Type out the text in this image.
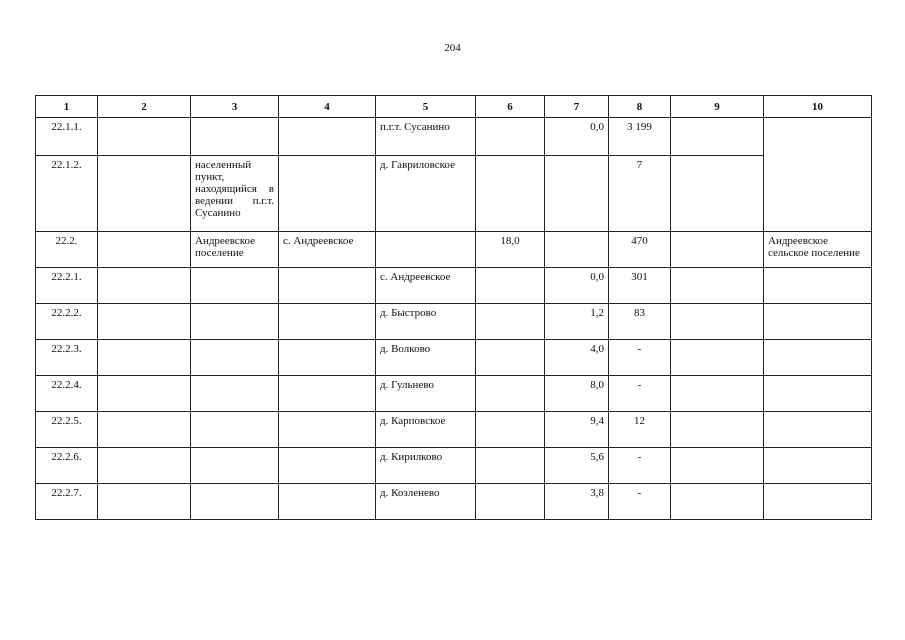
204
1	2	3	4	5	6	7	8	9	10
22.1.1.				п.г.т. Сусанино		0,0	3 199		
22.1.2.		населенный пункт, находящийся в ведении п.г.т. Сусанино		д. Гавриловское			7		
22.2.		Андреевское поселение	с. Андреевское		18,0		470		Андреевское сельское поселение
22.2.1.				с. Андреевское		0,0	301		
22.2.2.				д. Быстрово		1,2	83		
22.2.3.				д. Волково		4,0	-		
22.2.4.				д. Гульнево		8,0	-		
22.2.5.				д. Карповское		9,4	12		
22.2.6.				д. Кирилково		5,6	-		
22.2.7.				д. Козленево		3,8	-		
